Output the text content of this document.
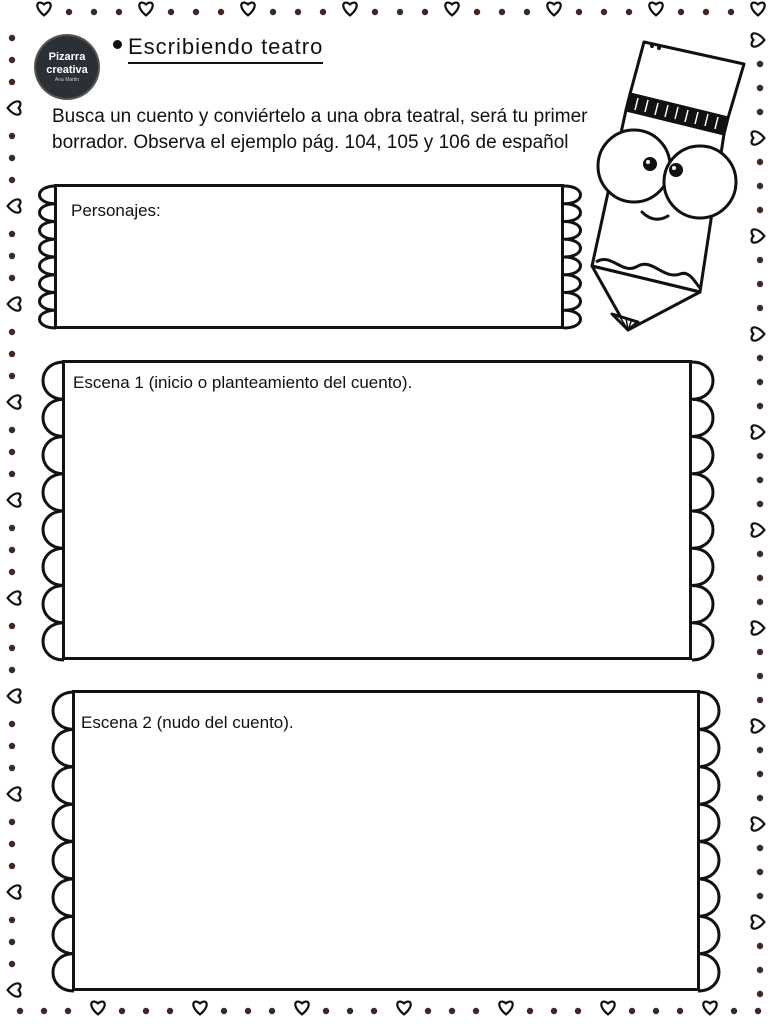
Pizarra
creativa
Ana Martin
Escribiendo teatro
Busca un cuento y conviértelo a una obra teatral, será tu primer
borrador. Observa el ejemplo pág. 104, 105 y 106 de español
Personajes:
Escena 1 (inicio o planteamiento del cuento).
Escena 2 (nudo del cuento).
